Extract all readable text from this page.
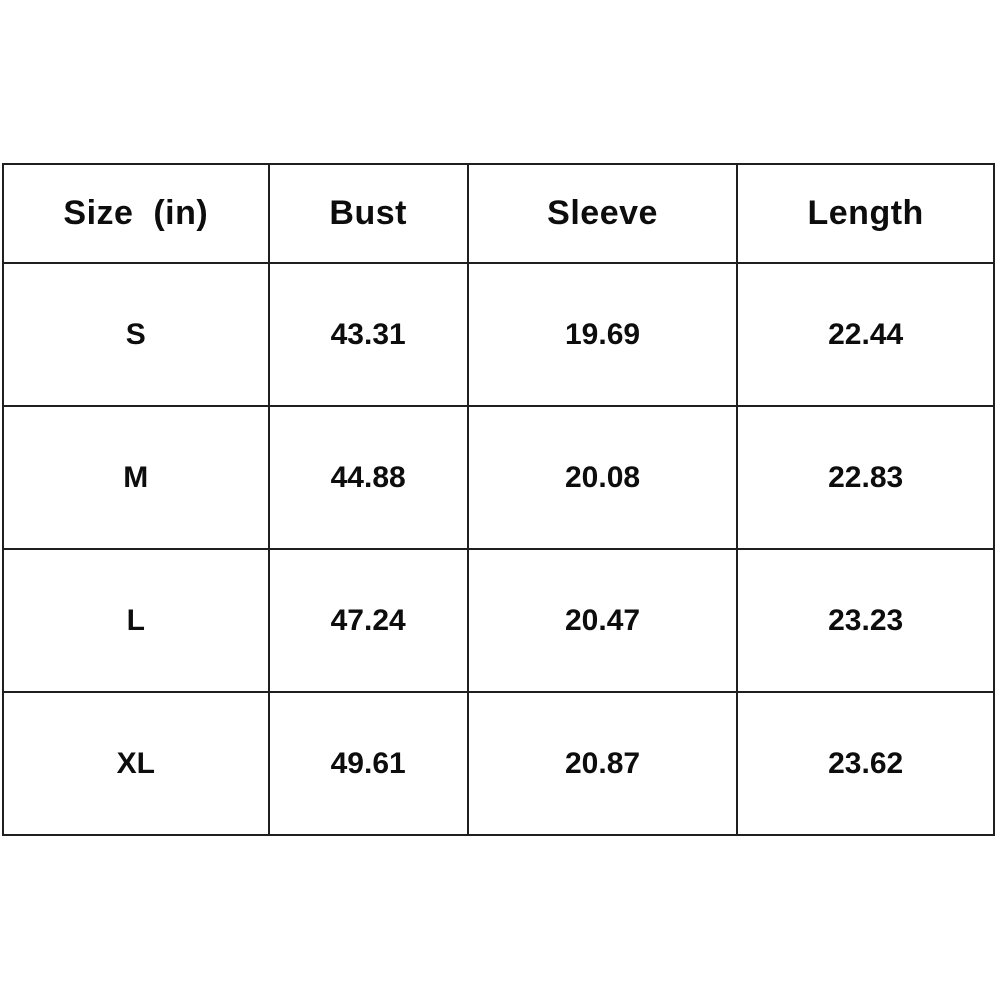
Size  (in)	Bust	Sleeve	Length
S	43.31	19.69	22.44
M	44.88	20.08	22.83
L	47.24	20.47	23.23
XL	49.61	20.87	23.62
